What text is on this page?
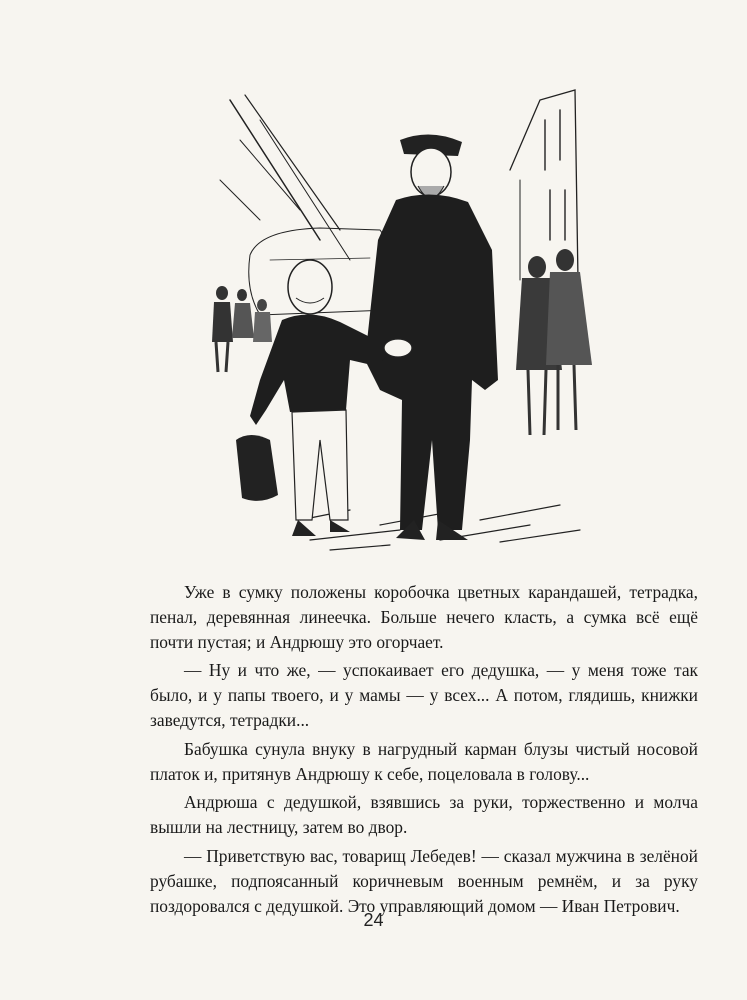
Уже в сумку положены коробочка цветных карандашей, тетрадка, пенал, деревянная линеечка. Больше нечего класть, а сумка всё ещё почти пустая; и Андрюшу это огорчает.

— Ну и что же, — успокаивает его дедушка, — у меня тоже так было, и у папы твоего, и у мамы — у всех... А потом, глядишь, книжки заведутся, тетрадки...

Бабушка сунула внуку в нагрудный карман блузы чистый носовой платок и, притянув Андрюшу к себе, поцеловала в голову...

Андрюша с дедушкой, взявшись за руки, торжественно и молча вышли на лестницу, затем во двор.

— Приветствую вас, товарищ Лебедев! — сказал мужчина в зелёной рубашке, подпоясанный коричневым военным ремнём, и за руку поздоровался с дедушкой. Это управляющий домом — Иван Петрович.

24
